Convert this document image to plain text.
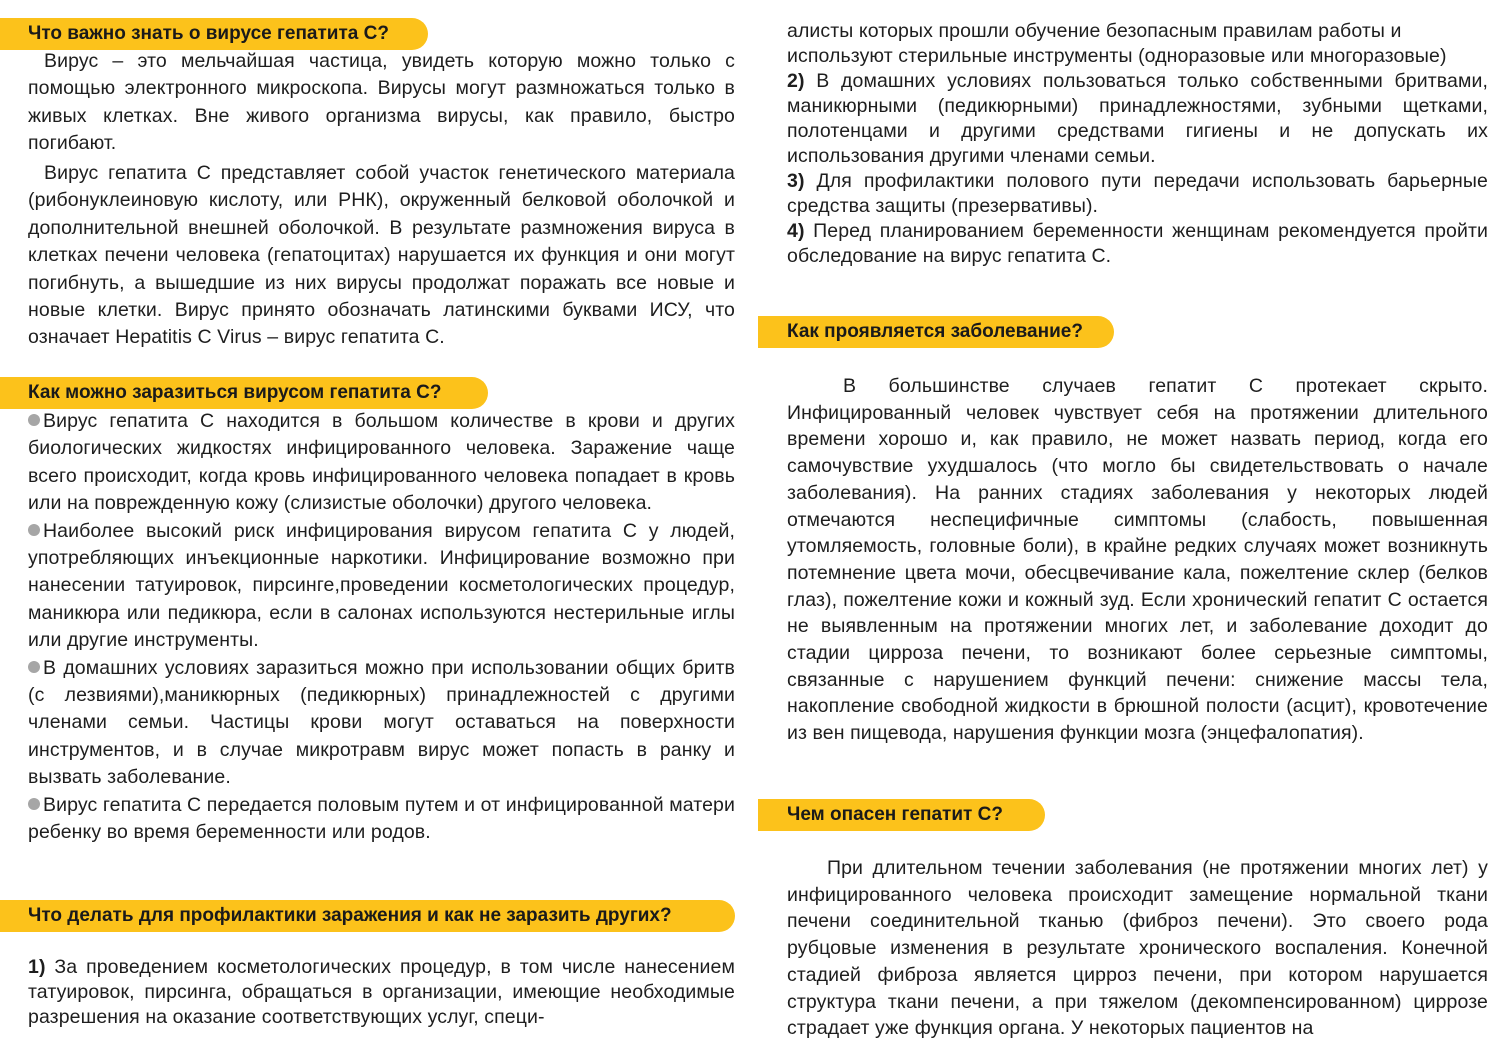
Что важно знать о вирусе гепатита С?

Вирус – это мельчайшая частица, увидеть которую можно только с помощью электронного микроскопа. Вирусы могут размножаться только в живых клетках. Вне живого организма вирусы, как правило, быстро погибают.

Вирус гепатита С представляет собой участок генетического материала (рибонуклеиновую кислоту, или РНК), окруженный белковой оболочкой и дополнительной внешней оболочкой. В результате размножения вируса в клетках печени человека (гепатоцитах) нарушается их функция и они могут погибнуть, а вышедшие из них вирусы продолжат поражать все новые и новые клетки. Вирус принято обозначать латинскими буквами ИСУ, что означает Hepatitis C Virus – вирус гепатита С.

Как можно заразиться вирусом гепатита С?

Вирус гепатита С находится в большом количестве в крови и других биологических жидкостях инфицированного человека. Заражение чаще всего происходит, когда кровь инфицированного человека попадает в кровь или на поврежденную кожу (слизистые оболочки) другого человека.

Наиболее высокий риск инфицирования вирусом гепатита С у людей, употребляющих инъекционные наркотики. Инфицирование возможно при нанесении татуировок, пирсинге,проведении косметологических процедур, маникюра или педикюра, если в салонах используются нестерильные иглы или другие инструменты.

В домашних условиях заразиться можно при использовании общих бритв (с лезвиями),маникюрных (педикюрных) принадлежностей с другими членами семьи. Частицы крови могут оставаться на поверхности инструментов, и в случае микротравм вирус может попасть в ранку и вызвать заболевание.

Вирус гепатита С передается половым путем и от инфицированной матери ребенку во время беременности или родов.

Что делать для профилактики заражения и как не заразить других?

1) За проведением косметологических процедур, в том числе нанесением татуировок, пирсинга, обращаться в организации, имеющие необходимые разрешения на оказание соответствующих услуг, специ-

алисты которых прошли обучение безопасным правилам работы и используют стерильные инструменты (одноразовые или многоразовые)

2) В домашних условиях пользоваться только собственными бритвами, маникюрными (педикюрными) принадлежностями, зубными щетками, полотенцами и другими средствами гигиены и не допускать их использования другими членами семьи.

3) Для профилактики полового пути передачи использовать барьерные средства защиты (презервативы).

4) Перед планированием беременности женщинам рекомендуется пройти обследование на вирус гепатита С.

Как проявляется заболевание?

В большинстве случаев гепатит С протекает скрыто. Инфицированный человек чувствует себя на протяжении длительного времени хорошо и, как правило, не может назвать период, когда его самочувствие ухудшалось (что могло бы свидетельствовать о начале заболевания). На ранних стадиях заболевания у некоторых людей отмечаются неспецифичные симптомы (слабость, повышенная утомляемость, головные боли), в крайне редких случаях может возникнуть потемнение цвета мочи, обесцвечивание кала, пожелтение склер (белков глаз), пожелтение кожи и кожный зуд. Если хронический гепатит С остается не выявленным на протяжении многих лет, и заболевание доходит до стадии цирроза печени, то возникают более серьезные симптомы, связанные с нарушением функций печени: снижение массы тела, накопление свободной жидкости в брюшной полости (асцит), кровотечение из вен пищевода, нарушения функции мозга (энцефалопатия).

Чем опасен гепатит С?

При длительном течении заболевания (не протяжении многих лет) у инфицированного человека происходит замещение нормальной ткани печени соединительной тканью (фиброз печени). Это своего рода рубцовые изменения в результате хронического воспаления. Конечной стадией фиброза является цирроз печени, при котором нарушается структура ткани печени, а при тяжелом (декомпенсированном) циррозе страдает уже функция органа. У некоторых пациентов на
